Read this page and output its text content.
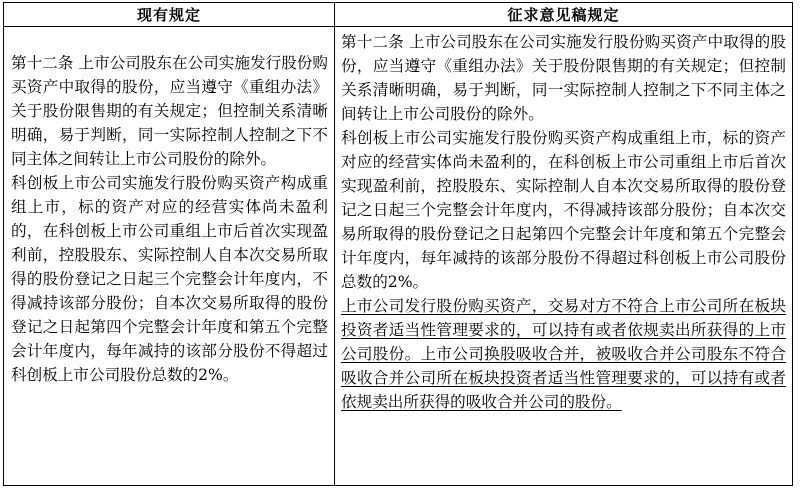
现有规定	征求意见稿规定

第十二条 上市公司股东在公司实施发行股份购买资产中取得的股份，应当遵守《重组办法》关于股份限售期的有关规定；但控制关系清晰明确，易于判断，同一实际控制人控制之下不同主体之间转让上市公司股份的除外。

科创板上市公司实施发行股份购买资产构成重组上市，标的资产对应的经营实体尚未盈利的，在科创板上市公司重组上市后首次实现盈利前，控股股东、实际控制人自本次交易所取得的股份登记之日起三个完整会计年度内，不得减持该部分股份；自本次交易所取得的股份登记之日起第四个完整会计年度和第五个完整会计年度内，每年减持的该部分股份不得超过科创板上市公司股份总数的2%。

第十二条 上市公司股东在公司实施发行股份购买资产中取得的股份，应当遵守《重组办法》关于股份限售期的有关规定；但控制关系清晰明确，易于判断，同一实际控制人控制之下不同主体之间转让上市公司股份的除外。

科创板上市公司实施发行股份购买资产构成重组上市，标的资产对应的经营实体尚未盈利的，在科创板上市公司重组上市后首次实现盈利前，控股股东、实际控制人自本次交易所取得的股份登记之日起三个完整会计年度内，不得减持该部分股份；自本次交易所取得的股份登记之日起第四个完整会计年度和第五个完整会计年度内，每年减持的该部分股份不得超过科创板上市公司股份总数的2%。

上市公司发行股份购买资产，交易对方不符合上市公司所在板块投资者适当性管理要求的，可以持有或者依规卖出所获得的上市公司股份。上市公司换股吸收合并，被吸收合并公司股东不符合吸收合并公司所在板块投资者适当性管理要求的，可以持有或者依规卖出所获得的吸收合并公司的股份。
